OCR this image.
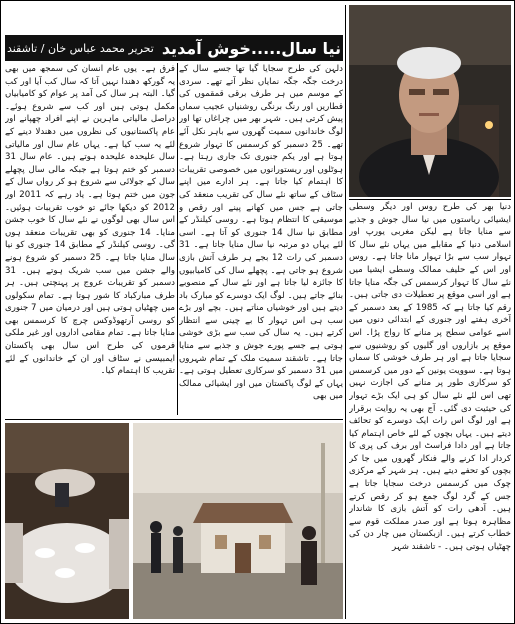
نیا سال.....خوش آمدید
تحریر محمد عباس خان / تاشقند

دنیا بھر کی طرح روس اور دیگر وسطی ایشیائی ریاستوں میں نیا سال جوش و جذبے سے منایا جاتا ہے لیکن مغربی یورپ اور اسلامی دنیا کے مقابلے میں یہاں نئے سال کا تہوار سب سے بڑا تہوار مانا جاتا ہے۔ روس اور اس کے حلیف ممالک وسطی ایشیا میں نئے سال کا تہوار کرسمس کی جگہ منایا جاتا ہے اور اسی موقع پر تعطیلات دی جاتی ہیں۔ رقم کیا جاتا ہے کہ 1985 کے بعد دسمبر کے آخری ہفتے اور جنوری کے ابتدائی دنوں میں اسے عوامی سطح پر منانے کا رواج پڑا۔ اس موقع پر بازاروں اور گلیوں کو روشنیوں سے سجایا جاتا ہے اور ہر طرف خوشی کا سماں ہوتا ہے۔ سوویت یونین کے دور میں کرسمس کو سرکاری طور پر منانے کی اجازت نہیں تھی اس لئے نئے سال کو ہی ایک بڑے تہوار کی حیثیت دی گئی۔ آج بھی یہ روایت برقرار ہے اور لوگ اس رات ایک دوسرے کو تحائف دیتے ہیں۔ یہاں بچوں کے لئے خاص اہتمام کیا جاتا ہے اور دادا فراسٹ اور برف کی پری کا کردار ادا کرنے والے فنکار گھروں میں جا کر بچوں کو تحفے دیتے ہیں۔ ہر شہر کے مرکزی چوک میں کرسمس درخت سجایا جاتا ہے جس کے گرد لوگ جمع ہو کر رقص کرتے ہیں۔ آدھی رات کو آتش بازی کا شاندار مظاہرہ ہوتا ہے اور صدر مملکت قوم سے خطاب کرتے ہیں۔ ازبکستان میں چار دن کی چھٹیاں ہوتی ہیں۔ - تاشقند شہر

دلہن کی طرح سجایا گیا تھا جسے سال کے درخت جگہ جگہ نمایاں نظر آتے تھے۔ سردی کے موسم میں ہر طرف برقی قمقموں کی قطاریں اور رنگ برنگی روشنیاں عجیب سماں پیش کرتی ہیں۔ شہر بھر میں چراغاں تھا اور لوگ خاندانوں سمیت گھروں سے باہر نکل آئے تھے۔ 25 دسمبر کو کرسمس کا تہوار شروع ہوتا ہے اور یکم جنوری تک جاری رہتا ہے۔ ہوٹلوں اور ریستورانوں میں خصوصی تقریبات کا اہتمام کیا جاتا ہے۔ ہر ادارے میں اپنے سٹاف کے ساتھ نئے سال کی تقریب منعقد کی جاتی ہے جس میں کھانے پینے اور رقص و موسیقی کا انتظام ہوتا ہے۔ روسی کیلنڈر کے مطابق نیا سال 14 جنوری کو آتا ہے۔ اسی لئے یہاں دو مرتبہ نیا سال منایا جاتا ہے۔ 31 دسمبر کی رات 12 بجے ہر طرف آتش بازی شروع ہو جاتی ہے۔ پچھلے سال کی کامیابیوں کا جائزہ لیا جاتا ہے اور نئے سال کے منصوبے بنائے جاتے ہیں۔ لوگ ایک دوسرے کو مبارک باد دیتے ہیں اور خوشیاں مناتے ہیں۔ بچے اور بڑے سب ہی اس تہوار کا بے چینی سے انتظار کرتے ہیں۔ یہ سال کی سب سے بڑی خوشی ہوتی ہے جسے پورے جوش و جذبے سے منایا جاتا ہے۔ تاشقند سمیت ملک کے تمام شہروں میں 31 دسمبر کو سرکاری تعطیل ہوتی ہے۔ یہاں کے لوگ پاکستان میں اور ایشیائی ممالک میں بھی

فرق ہے۔ یوں عام انسان کی سمجھ میں بھی یہ گورکھ دھندا نہیں آتا کہ سال کب آیا اور کب گیا۔ البتہ ہر سال کی آمد پر عوام کو کامیابیاں مکمل ہوتی ہیں اور کب سے شروع ہوئے۔ دراصل مالیاتی ماہرین نے اپنے افراد چھپانے اور عام پاکستانیوں کی نظروں میں دھندلا دینے کے لئے یہ سب کیا ہے۔ یہاں عام سال اور مالیاتی سال علیحدہ علیحدہ ہوتے ہیں۔ عام سال 31 دسمبر کو ختم ہوتا ہے جبکہ مالی سال پچھلے سال کے جولائی سے شروع ہو کر رواں سال کے جون میں ختم ہوتا ہے۔ یاد رہے کہ 2011 اور 2012 کو دیکھا جائے تو خوب تقریبات ہوئیں۔ اس سال بھی لوگوں نے نئے سال کا خوب جشن منایا۔ 14 جنوری کو بھی تقریبات منعقد ہوں گی۔ روسی کیلنڈر کے مطابق 14 جنوری کو نیا سال منایا جاتا ہے۔ 25 دسمبر کو شروع ہونے والے جشن میں سب شریک ہوتے ہیں۔ 31 دسمبر کو تقریبات عروج پر پہنچتی ہیں۔ ہر طرف مبارکباد کا شور ہوتا ہے۔ تمام سکولوں میں چھٹیاں ہوتی ہیں اور درمیان میں 7 جنوری کو روسی آرتھوڈوکس چرچ کا کرسمس بھی منایا جاتا ہے۔ تمام مقامی اداروں اور غیر ملکی فرموں کی طرح اس سال بھی پاکستان ایمبیسی نے سٹاف اور ان کے خاندانوں کے لئے تقریب کا اہتمام کیا۔
